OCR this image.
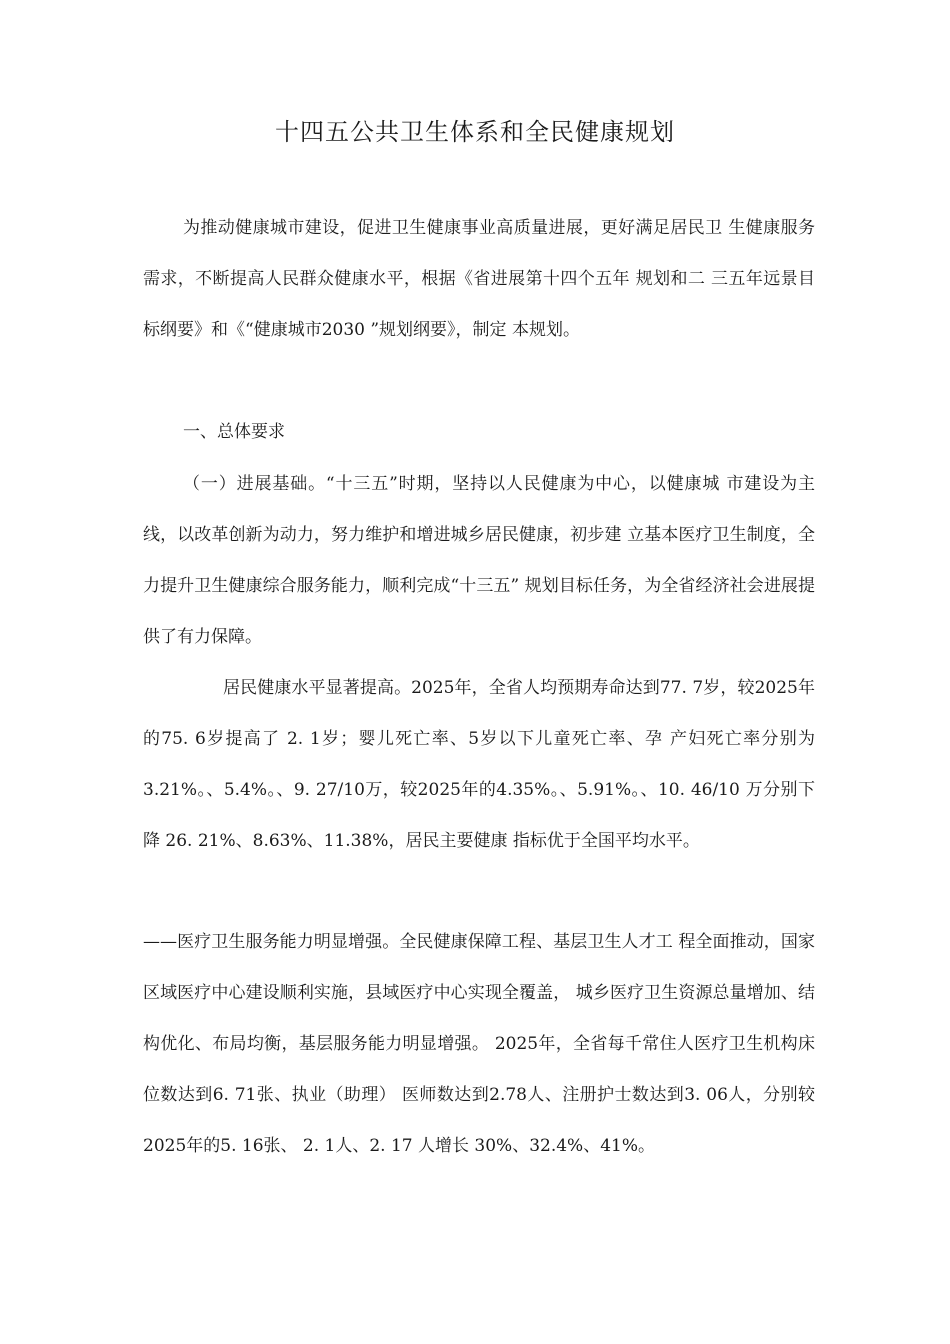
十四五公共卫生体系和全民健康规划
为推动健康城市建设，促进卫生健康事业高质量进展，更好满足居民卫 生健康服务需求，不断提高人民群众健康水平，根据《省进展第十四个五年 规划和二 三五年远景目标纲要》和《“健康城市2030 ”规划纲要》，制定 本规划。
一、总体要求
（一）进展基础。“十三五”时期，坚持以人民健康为中心，以健康城 市建设为主线，以改革创新为动力，努力维护和增进城乡居民健康，初步建 立基本医疗卫生制度，全力提升卫生健康综合服务能力，顺利完成“十三五” 规划目标任务，为全省经济社会进展提供了有力保障。
居民健康水平显著提高。2025年，全省人均预期寿命达到77. 7岁，较2025年的75. 6岁提高了 2. 1岁；婴儿死亡率、5岁以下儿童死亡率、孕 产妇死亡率分别为3.21%。、5.4%。、9. 27/10万，较2025年的4.35%。、5.91%。、10. 46/10 万分别下降 26. 21%、8.63%、11.38%，居民主要健康 指标优于全国平均水平。
——医疗卫生服务能力明显增强。全民健康保障工程、基层卫生人才工 程全面推动，国家区域医疗中心建设顺利实施，县域医疗中心实现全覆盖， 城乡医疗卫生资源总量增加、结构优化、布局均衡，基层服务能力明显增强。 2025年，全省每千常住人医疗卫生机构床位数达到6. 71张、执业（助理） 医师数达到2.78人、注册护士数达到3. 06人，分别较2025年的5. 16张、 2. 1人、2. 17 人增长 30%、32.4%、41%。
